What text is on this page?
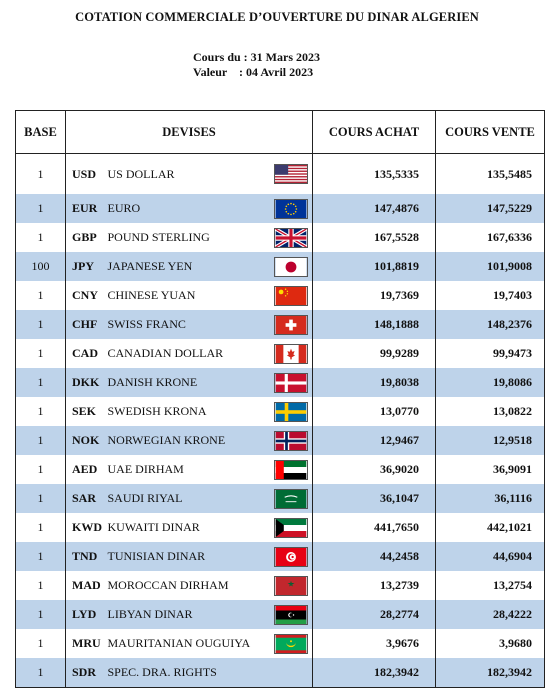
COTATION COMMERCIALE D’OUVERTURE DU DINAR ALGERIEN
Cours du : 31 Mars 2023
Valeur    : 04 Avril 2023
BASE	DEVISES			COURS ACHAT	COURS VENTE
1	USD	US DOLLAR		135,5335	135,5485
1	EUR	EURO		147,4876	147,5229
1	GBP	POUND STERLING		167,5528	167,6336
100	JPY	JAPANESE YEN		101,8819	101,9008
1	CNY	CHINESE YUAN		19,7369	19,7403
1	CHF	SWISS FRANC		148,1888	148,2376
1	CAD	CANADIAN DOLLAR		99,9289	99,9473
1	DKK	DANISH KRONE		19,8038	19,8086
1	SEK	SWEDISH KRONA		13,0770	13,0822
1	NOK	NORWEGIAN KRONE		12,9467	12,9518
1	AED	UAE DIRHAM		36,9020	36,9091
1	SAR	SAUDI RIYAL		36,1047	36,1116
1	KWD	KUWAITI DINAR		441,7650	442,1021
1	TND	TUNISIAN DINAR		44,2458	44,6904
1	MAD	MOROCCAN DIRHAM		13,2739	13,2754
1	LYD	LIBYAN DINAR		28,2774	28,4222
1	MRU	MAURITANIAN OUGUIYA		3,9676	3,9680
1	SDR	SPEC. DRA. RIGHTS		182,3942	182,3942
